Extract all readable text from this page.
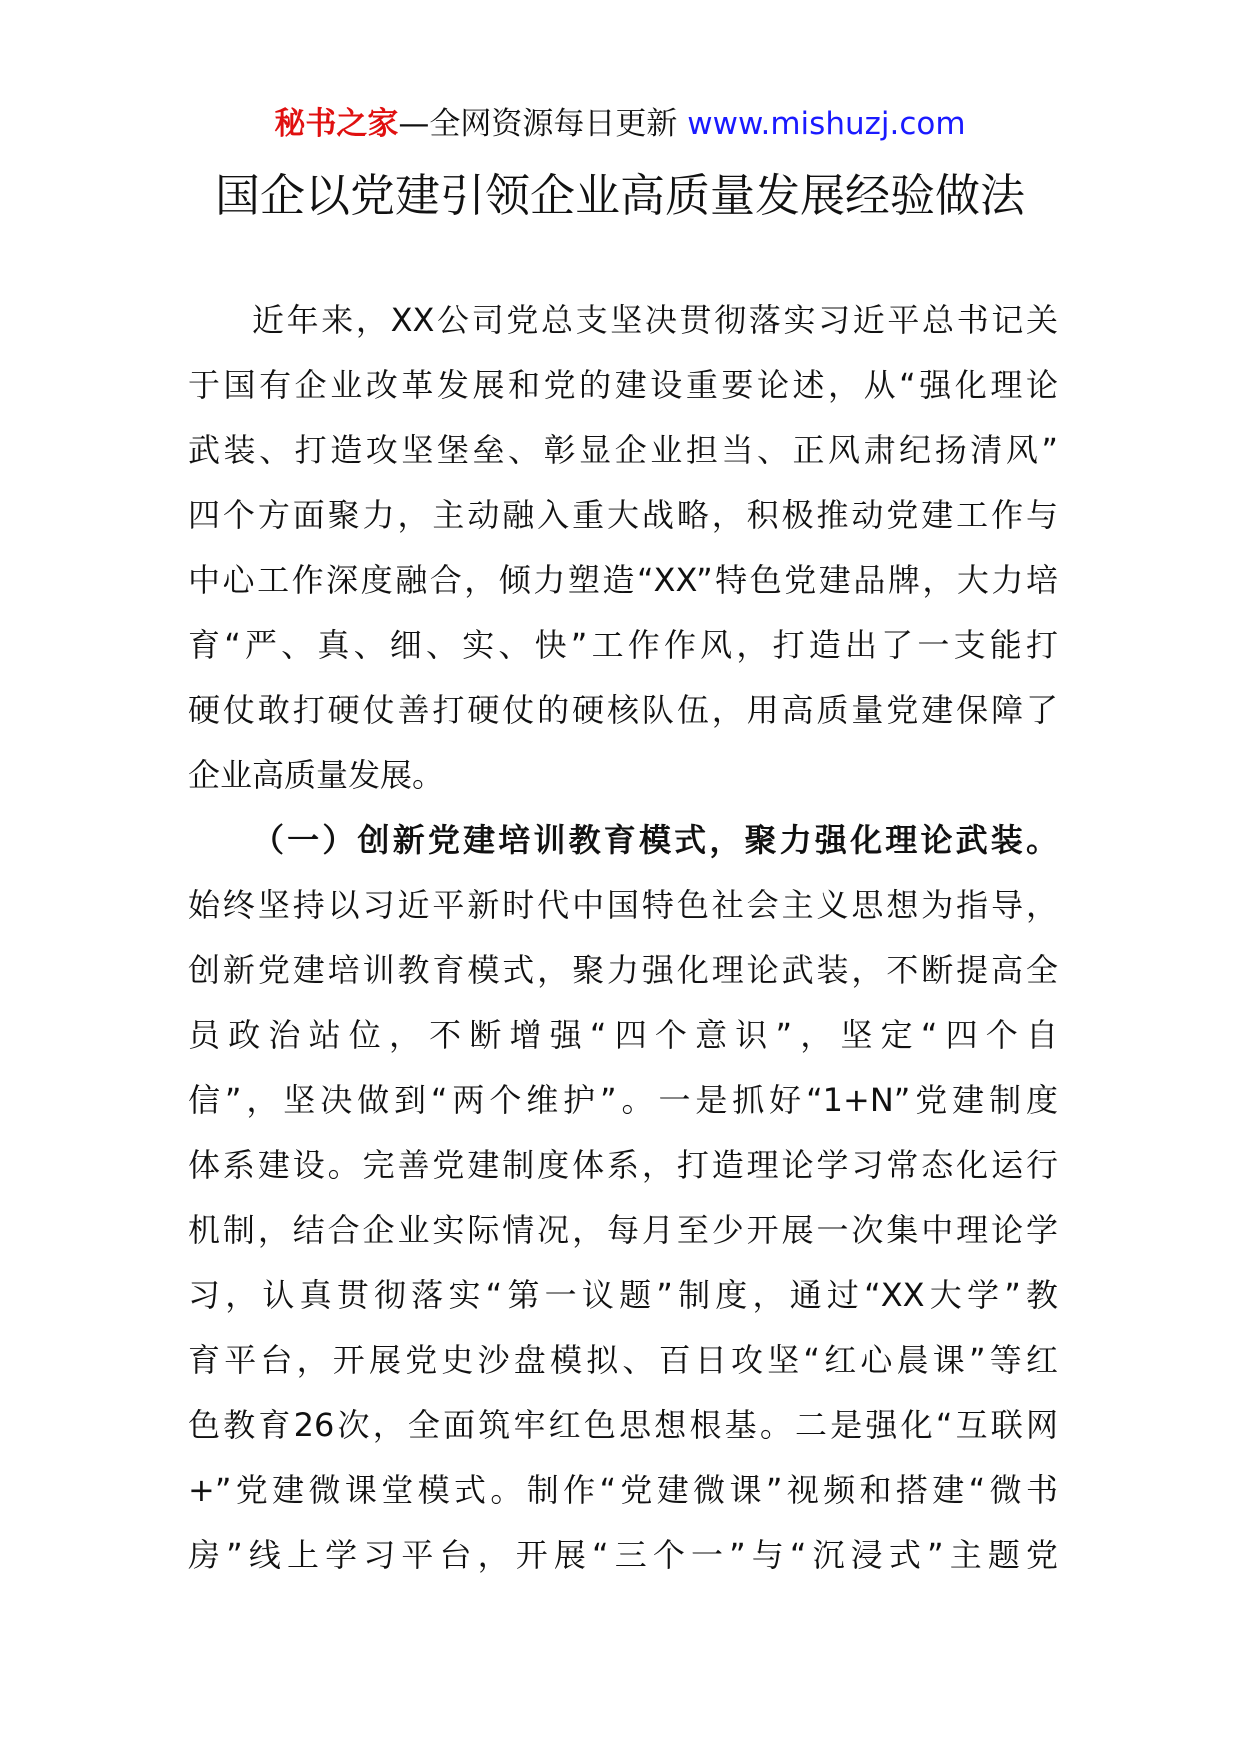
秘书之家—全网资源每日更新 www.mishuzj.com
国企以党建引领企业高质量发展经验做法
近年来，XX公司党总支坚决贯彻落实习近平总书记关
于国有企业改革发展和党的建设重要论述，从“强化理论
武装、打造攻坚堡垒、彰显企业担当、正风肃纪扬清风”
四个方面聚力，主动融入重大战略，积极推动党建工作与
中心工作深度融合，倾力塑造“XX”特色党建品牌，大力培
育“严、真、细、实、快”工作作风，打造出了一支能打
硬仗敢打硬仗善打硬仗的硬核队伍，用高质量党建保障了
企业高质量发展。
（一）创新党建培训教育模式，聚力强化理论武装。
始终坚持以习近平新时代中国特色社会主义思想为指导，
创新党建培训教育模式，聚力强化理论武装，不断提高全
员政治站位，不断增强“四个意识”，坚定“四个自
信”，坚决做到“两个维护”。一是抓好“1+N”党建制度
体系建设。完善党建制度体系，打造理论学习常态化运行
机制，结合企业实际情况，每月至少开展一次集中理论学
习，认真贯彻落实“第一议题”制度，通过“XX大学”教
育平台，开展党史沙盘模拟、百日攻坚“红心晨课”等红
色教育26次，全面筑牢红色思想根基。二是强化“互联网
+”党建微课堂模式。制作“党建微课”视频和搭建“微书
房”线上学习平台，开展“三个一”与“沉浸式”主题党
